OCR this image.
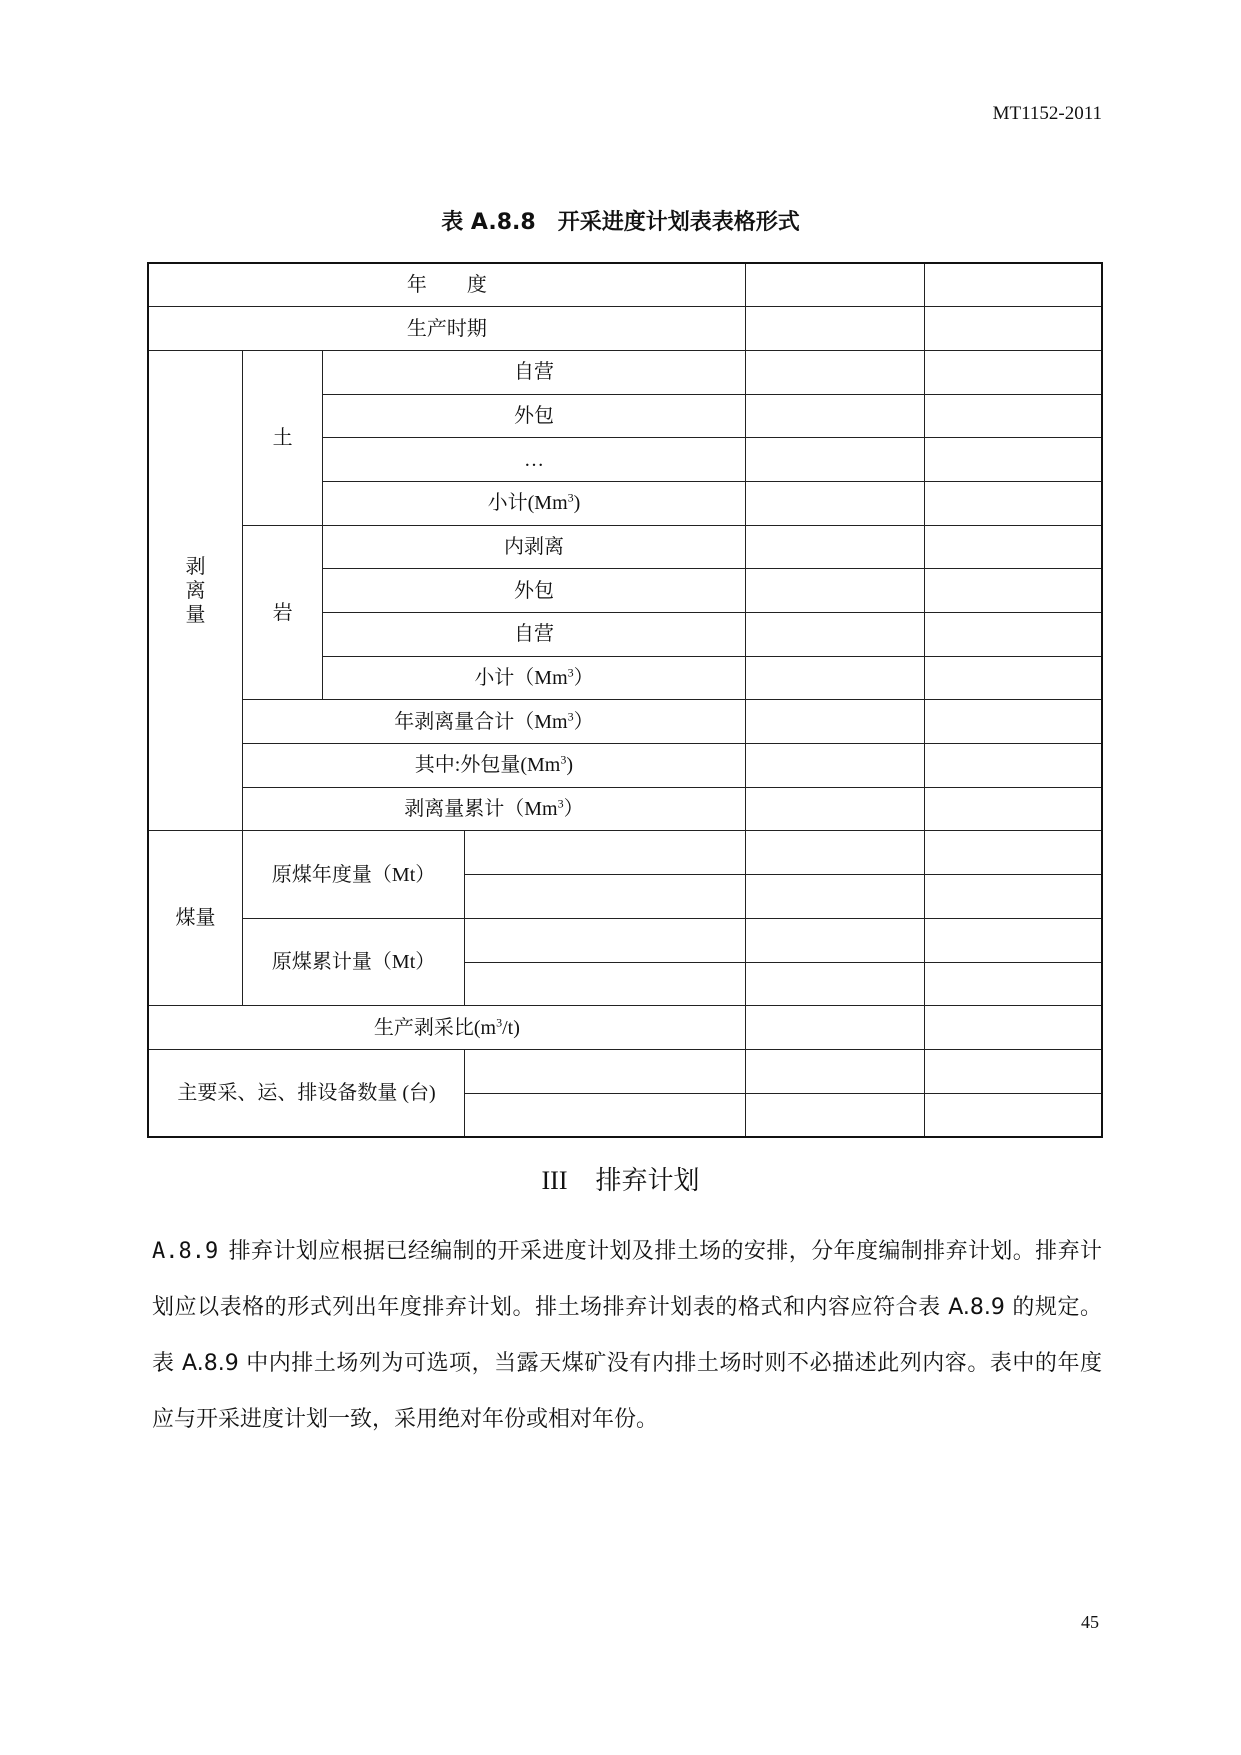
MT1152-2011
表 A.8.8 开采进度计划表表格形式
年　　度					
生产时期					
剥离量	土	自营			
		外包			
		…			
		小计(Mm$^3$)			
	岩	内剥离			
		外包			
		自营			
		小计（Mm$^3$）			
	年剥离量合计（Mm$^3$）				
	其中:外包量(Mm$^3$)				
	剥离量累计（Mm$^3$）				
煤量	原煤年度量（Mt）				

	原煤累计量（Mt）				

生产剥采比$(m^3/t)$					
主要采、运、排设备数量 (台)					

III 排弃计划
A.8.9 排弃计划应根据已经编制的开采进度计划及排土场的安排，分年度编制排弃计划。排弃计划应以表格的形式列出年度排弃计划。排土场排弃计划表的格式和内容应符合表 A.8.9 的规定。表 A.8.9 中内排土场列为可选项，当露天煤矿没有内排土场时则不必描述此列内容。表中的年度应与开采进度计划一致，采用绝对年份或相对年份。
45
